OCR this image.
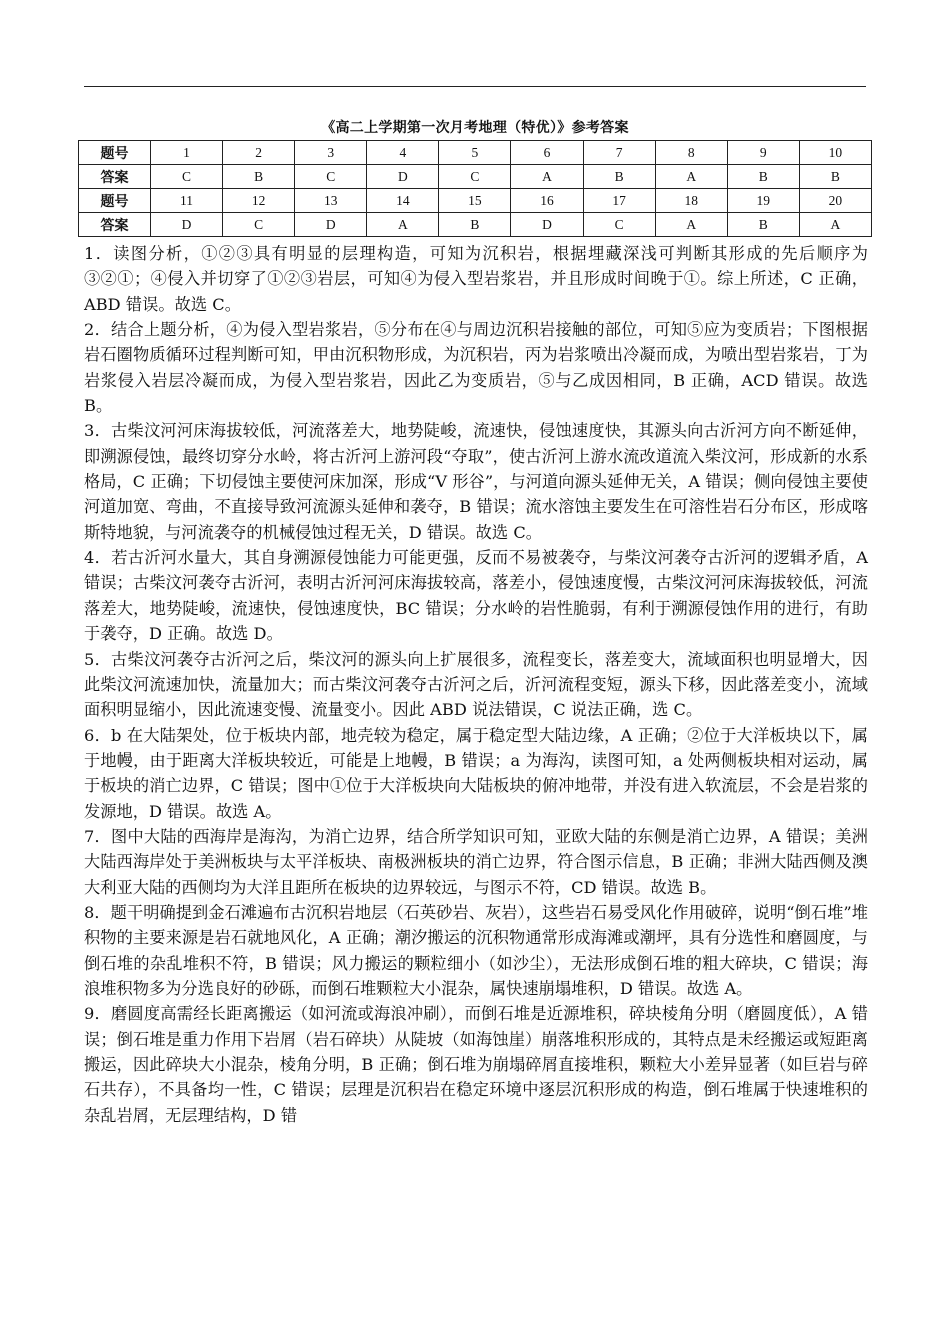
《高二上学期第一次月考地理（特优）》参考答案
题号	1	2	3	4	5	6	7	8	9	10
答案	C	B	C	D	C	A	B	A	B	B
题号	11	12	13	14	15	16	17	18	19	20
答案	D	C	D	A	B	D	C	A	B	A

1．读图分析，①②③具有明显的层理构造，可知为沉积岩，根据埋藏深浅可判断其形成的先后顺序为③②①；④侵入并切穿了①②③岩层，可知④为侵入型岩浆岩，并且形成时间晚于①。综上所述，C 正确，ABD 错误。故选 C。

2．结合上题分析，④为侵入型岩浆岩，⑤分布在④与周边沉积岩接触的部位，可知⑤应为变质岩；下图根据岩石圈物质循环过程判断可知，甲由沉积物形成，为沉积岩，丙为岩浆喷出冷凝而成，为喷出型岩浆岩，丁为岩浆侵入岩层冷凝而成，为侵入型岩浆岩，因此乙为变质岩，⑤与乙成因相同，B 正确，ACD 错误。故选 B。

3．古柴汶河河床海拔较低，河流落差大，地势陡峻，流速快，侵蚀速度快，其源头向古沂河方向不断延伸，即溯源侵蚀，最终切穿分水岭，将古沂河上游河段“夺取”，使古沂河上游水流改道流入柴汶河，形成新的水系格局，C 正确；下切侵蚀主要使河床加深，形成“V 形谷”，与河道向源头延伸无关，A 错误；侧向侵蚀主要使河道加宽、弯曲，不直接导致河流源头延伸和袭夺，B 错误；流水溶蚀主要发生在可溶性岩石分布区，形成喀斯特地貌，与河流袭夺的机械侵蚀过程无关，D 错误。故选 C。

4．若古沂河水量大，其自身溯源侵蚀能力可能更强，反而不易被袭夺，与柴汶河袭夺古沂河的逻辑矛盾，A 错误；古柴汶河袭夺古沂河，表明古沂河河床海拔较高，落差小，侵蚀速度慢，古柴汶河河床海拔较低，河流落差大，地势陡峻，流速快，侵蚀速度快，BC 错误；分水岭的岩性脆弱，有利于溯源侵蚀作用的进行，有助于袭夺，D 正确。故选 D。

5．古柴汶河袭夺古沂河之后，柴汶河的源头向上扩展很多，流程变长，落差变大，流域面积也明显增大，因此柴汶河流速加快，流量加大；而古柴汶河袭夺古沂河之后，沂河流程变短，源头下移，因此落差变小，流域面积明显缩小，因此流速变慢、流量变小。因此 ABD 说法错误，C 说法正确，选 C。

6．b 在大陆架处，位于板块内部，地壳较为稳定，属于稳定型大陆边缘，A 正确；②位于大洋板块以下，属于地幔，由于距离大洋板块较近，可能是上地幔，B 错误；a 为海沟，读图可知，a 处两侧板块相对运动，属于板块的消亡边界，C 错误；图中①位于大洋板块向大陆板块的俯冲地带，并没有进入软流层，不会是岩浆的发源地，D 错误。故选 A。

7．图中大陆的西海岸是海沟，为消亡边界，结合所学知识可知，亚欧大陆的东侧是消亡边界，A 错误；美洲大陆西海岸处于美洲板块与太平洋板块、南极洲板块的消亡边界，符合图示信息，B 正确；非洲大陆西侧及澳大利亚大陆的西侧均为大洋且距所在板块的边界较远，与图示不符，CD 错误。故选 B。

8．题干明确提到金石滩遍布古沉积岩地层（石英砂岩、灰岩），这些岩石易受风化作用破碎，说明“倒石堆”堆积物的主要来源是岩石就地风化，A 正确；潮汐搬运的沉积物通常形成海滩或潮坪，具有分选性和磨圆度，与倒石堆的杂乱堆积不符，B 错误；风力搬运的颗粒细小（如沙尘），无法形成倒石堆的粗大碎块，C 错误；海浪堆积物多为分选良好的砂砾，而倒石堆颗粒大小混杂，属快速崩塌堆积，D 错误。故选 A。

9．磨圆度高需经长距离搬运（如河流或海浪冲刷），而倒石堆是近源堆积，碎块棱角分明（磨圆度低），A 错误；倒石堆是重力作用下岩屑（岩石碎块）从陡坡（如海蚀崖）崩落堆积形成的，其特点是未经搬运或短距离搬运，因此碎块大小混杂，棱角分明，B 正确；倒石堆为崩塌碎屑直接堆积，颗粒大小差异显著（如巨岩与碎石共存），不具备均一性，C 错误；层理是沉积岩在稳定环境中逐层沉积形成的构造，倒石堆属于快速堆积的杂乱岩屑，无层理结构，D 错
